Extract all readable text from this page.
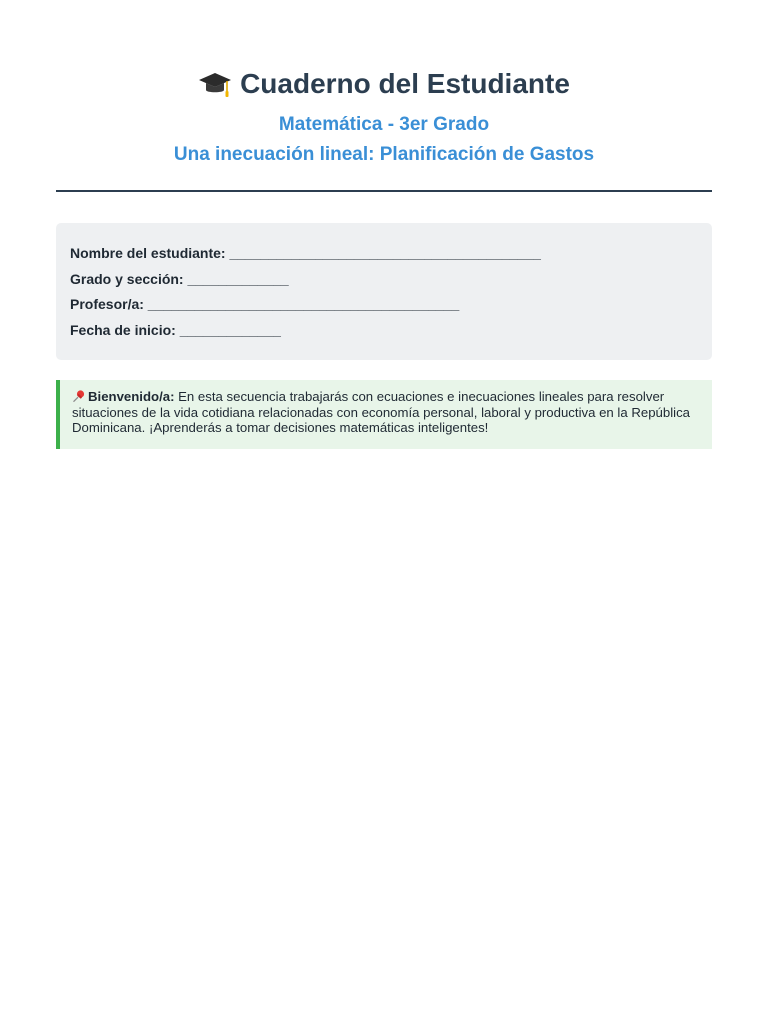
Cuaderno del Estudiante

Matemática - 3er Grado

Una inecuación lineal: Planificación de Gastos

Nombre del estudiante: ________________________________________
Grado y sección: _____________
Profesor/a: ________________________________________
Fecha de inicio: _____________
Bienvenido/a: En esta secuencia trabajarás con ecuaciones e inecuaciones lineales para resolver situaciones de la vida cotidiana relacionadas con economía personal, laboral y productiva en la República Dominicana. ¡Aprenderás a tomar decisiones matemáticas inteligentes!
